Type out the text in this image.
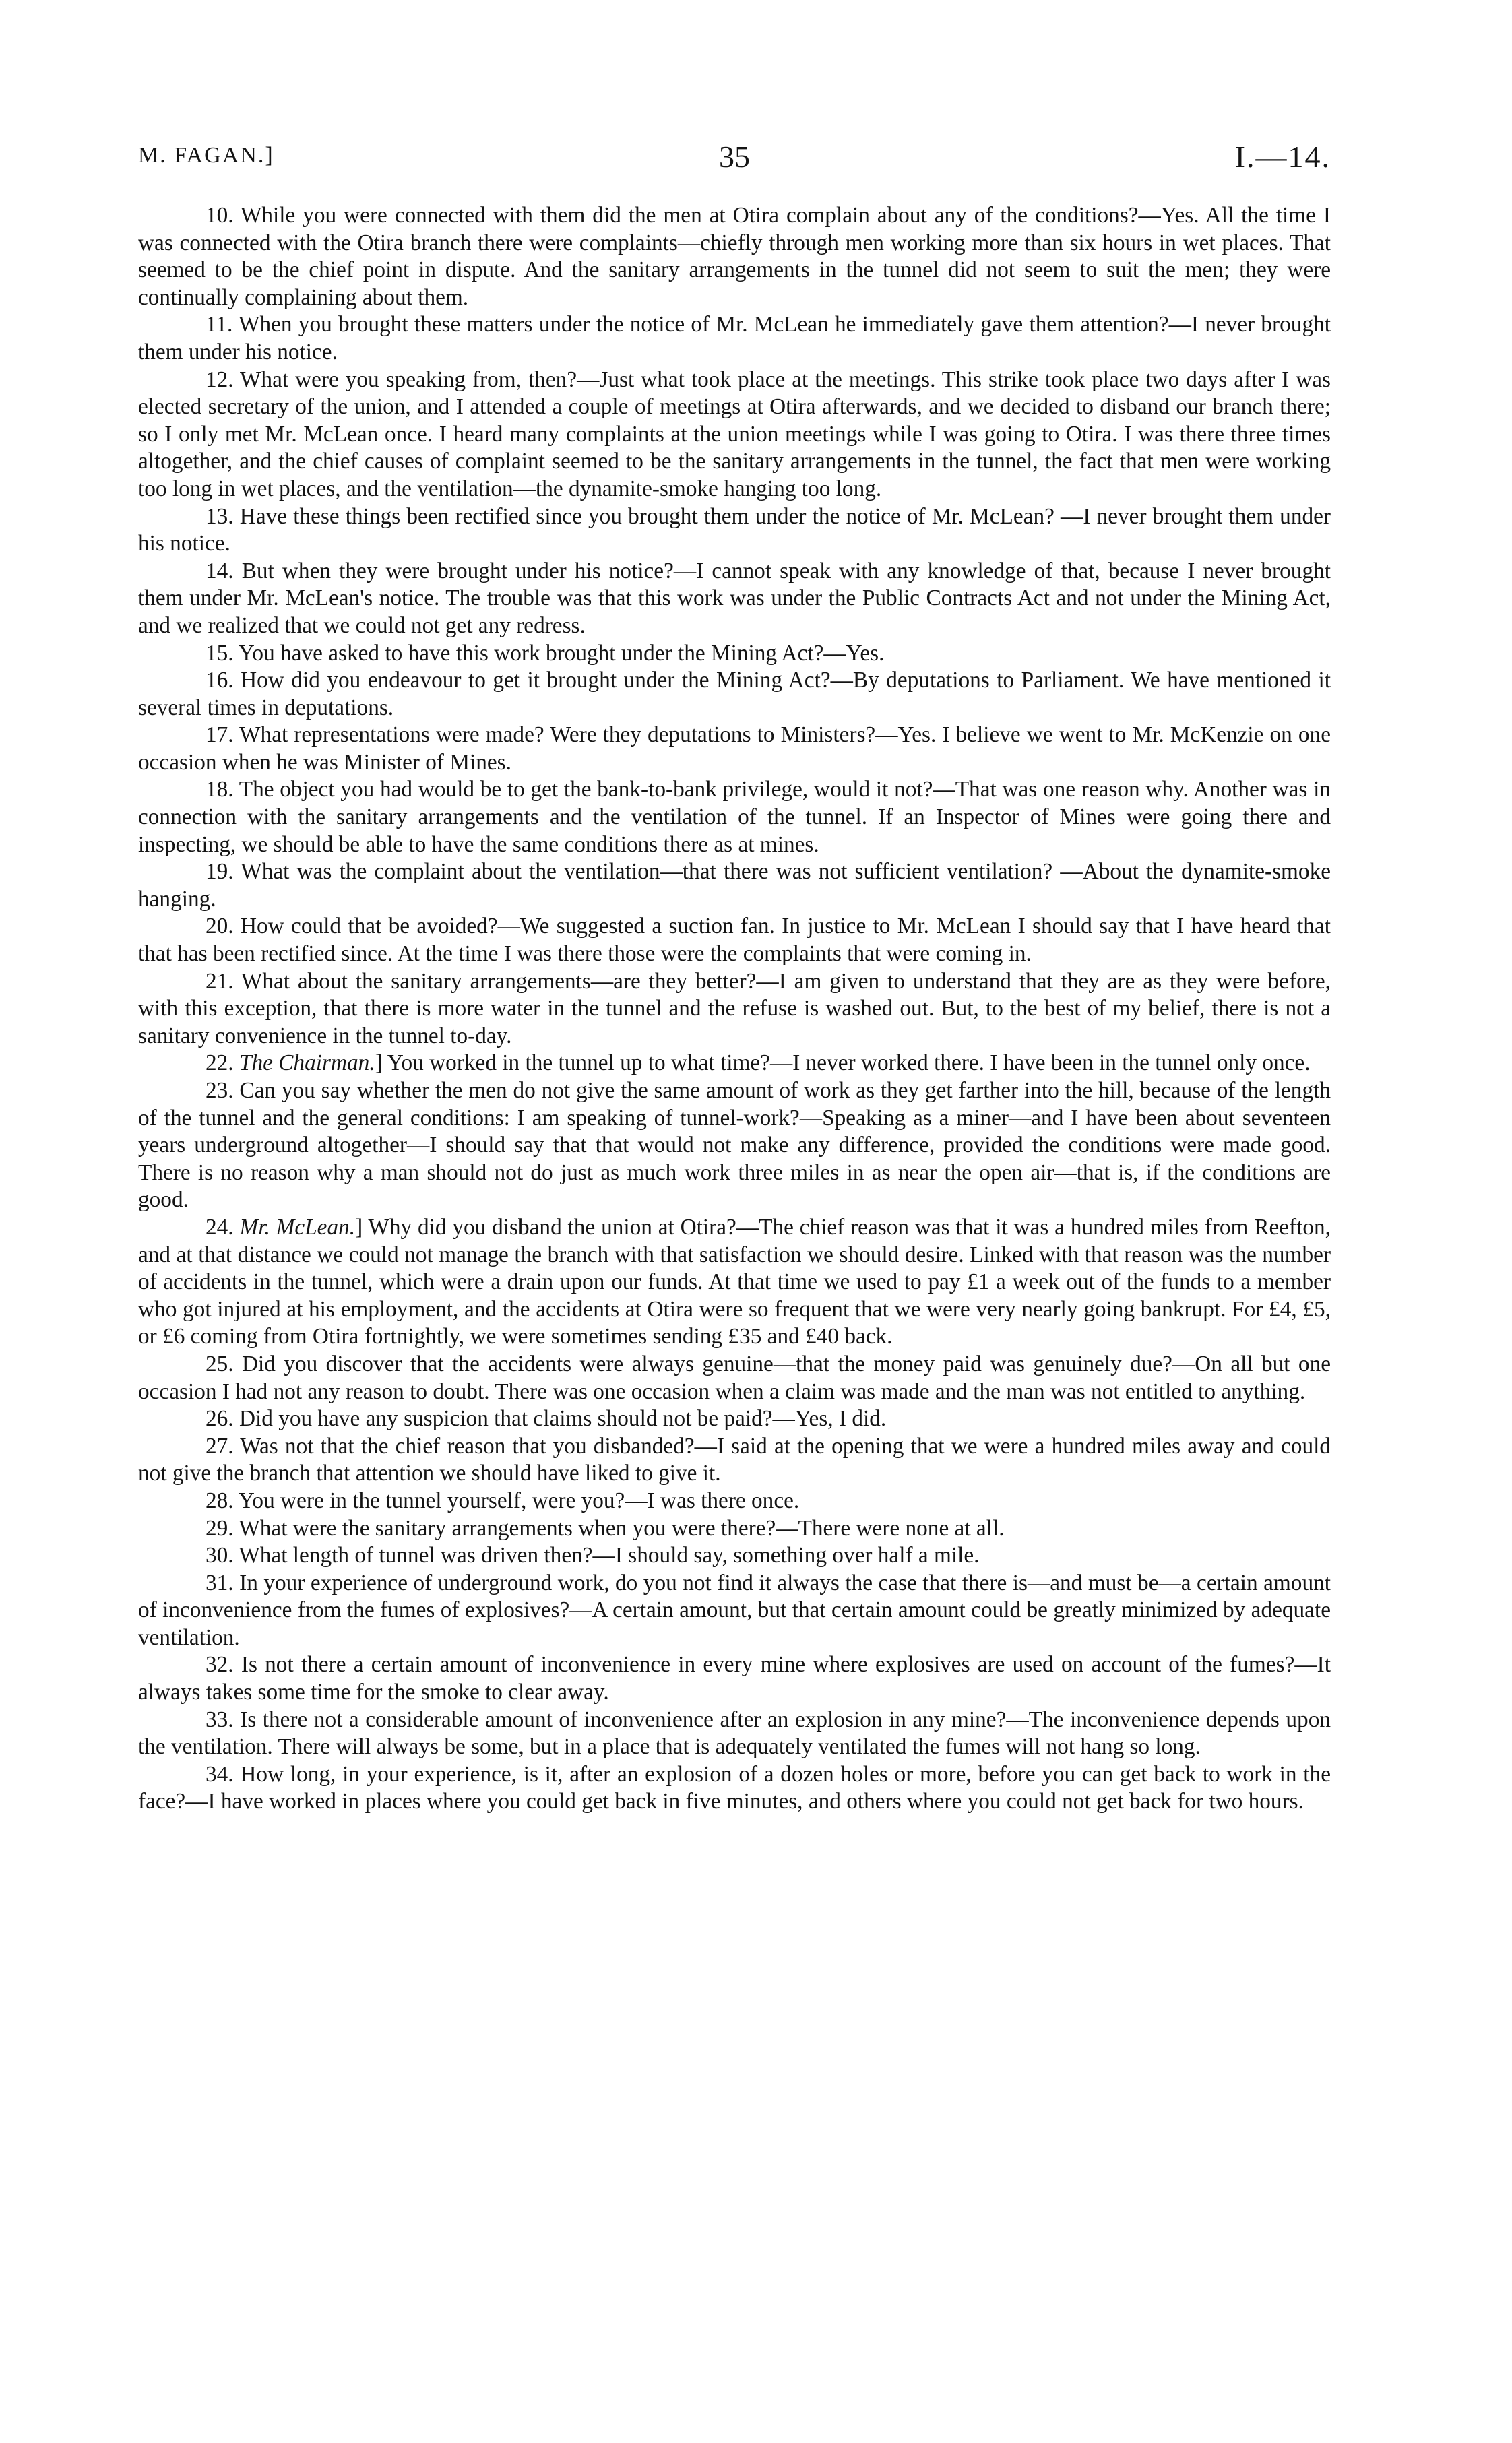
M. FAGAN.]	35	I.—14.

10. While you were connected with them did the men at Otira complain about any of the conditions?—Yes. All the time I was connected with the Otira branch there were complaints—chiefly through men working more than six hours in wet places. That seemed to be the chief point in dispute. And the sanitary arrangements in the tunnel did not seem to suit the men; they were continually complaining about them.

11. When you brought these matters under the notice of Mr. McLean he immediately gave them attention?—I never brought them under his notice.

12. What were you speaking from, then?—Just what took place at the meetings. This strike took place two days after I was elected secretary of the union, and I attended a couple of meetings at Otira afterwards, and we decided to disband our branch there; so I only met Mr. McLean once. I heard many complaints at the union meetings while I was going to Otira. I was there three times altogether, and the chief causes of complaint seemed to be the sanitary arrangements in the tunnel, the fact that men were working too long in wet places, and the ventilation—the dynamite-smoke hanging too long.

13. Have these things been rectified since you brought them under the notice of Mr. McLean? —I never brought them under his notice.

14. But when they were brought under his notice?—I cannot speak with any knowledge of that, because I never brought them under Mr. McLean's notice. The trouble was that this work was under the Public Contracts Act and not under the Mining Act, and we realized that we could not get any redress.

15. You have asked to have this work brought under the Mining Act?—Yes.

16. How did you endeavour to get it brought under the Mining Act?—By deputations to Parliament. We have mentioned it several times in deputations.

17. What representations were made? Were they deputations to Ministers?—Yes. I believe we went to Mr. McKenzie on one occasion when he was Minister of Mines.

18. The object you had would be to get the bank-to-bank privilege, would it not?—That was one reason why. Another was in connection with the sanitary arrangements and the ventilation of the tunnel. If an Inspector of Mines were going there and inspecting, we should be able to have the same conditions there as at mines.

19. What was the complaint about the ventilation—that there was not sufficient ventilation? —About the dynamite-smoke hanging.

20. How could that be avoided?—We suggested a suction fan. In justice to Mr. McLean I should say that I have heard that that has been rectified since. At the time I was there those were the complaints that were coming in.

21. What about the sanitary arrangements—are they better?—I am given to understand that they are as they were before, with this exception, that there is more water in the tunnel and the refuse is washed out. But, to the best of my belief, there is not a sanitary convenience in the tunnel to-day.

22. The Chairman.] You worked in the tunnel up to what time?—I never worked there. I have been in the tunnel only once.

23. Can you say whether the men do not give the same amount of work as they get farther into the hill, because of the length of the tunnel and the general conditions: I am speaking of tunnel-work?—Speaking as a miner—and I have been about seventeen years underground altogether—I should say that that would not make any difference, provided the conditions were made good. There is no reason why a man should not do just as much work three miles in as near the open air—that is, if the conditions are good.

24. Mr. McLean.] Why did you disband the union at Otira?—The chief reason was that it was a hundred miles from Reefton, and at that distance we could not manage the branch with that satisfaction we should desire. Linked with that reason was the number of accidents in the tunnel, which were a drain upon our funds. At that time we used to pay £1 a week out of the funds to a member who got injured at his employment, and the accidents at Otira were so frequent that we were very nearly going bankrupt. For £4, £5, or £6 coming from Otira fortnightly, we were sometimes sending £35 and £40 back.

25. Did you discover that the accidents were always genuine—that the money paid was genuinely due?—On all but one occasion I had not any reason to doubt. There was one occasion when a claim was made and the man was not entitled to anything.

26. Did you have any suspicion that claims should not be paid?—Yes, I did.

27. Was not that the chief reason that you disbanded?—I said at the opening that we were a hundred miles away and could not give the branch that attention we should have liked to give it.

28. You were in the tunnel yourself, were you?—I was there once.

29. What were the sanitary arrangements when you were there?—There were none at all.

30. What length of tunnel was driven then?—I should say, something over half a mile.

31. In your experience of underground work, do you not find it always the case that there is—and must be—a certain amount of inconvenience from the fumes of explosives?—A certain amount, but that certain amount could be greatly minimized by adequate ventilation.

32. Is not there a certain amount of inconvenience in every mine where explosives are used on account of the fumes?—It always takes some time for the smoke to clear away.

33. Is there not a considerable amount of inconvenience after an explosion in any mine?—The inconvenience depends upon the ventilation. There will always be some, but in a place that is adequately ventilated the fumes will not hang so long.

34. How long, in your experience, is it, after an explosion of a dozen holes or more, before you can get back to work in the face?—I have worked in places where you could get back in five minutes, and others where you could not get back for two hours.
